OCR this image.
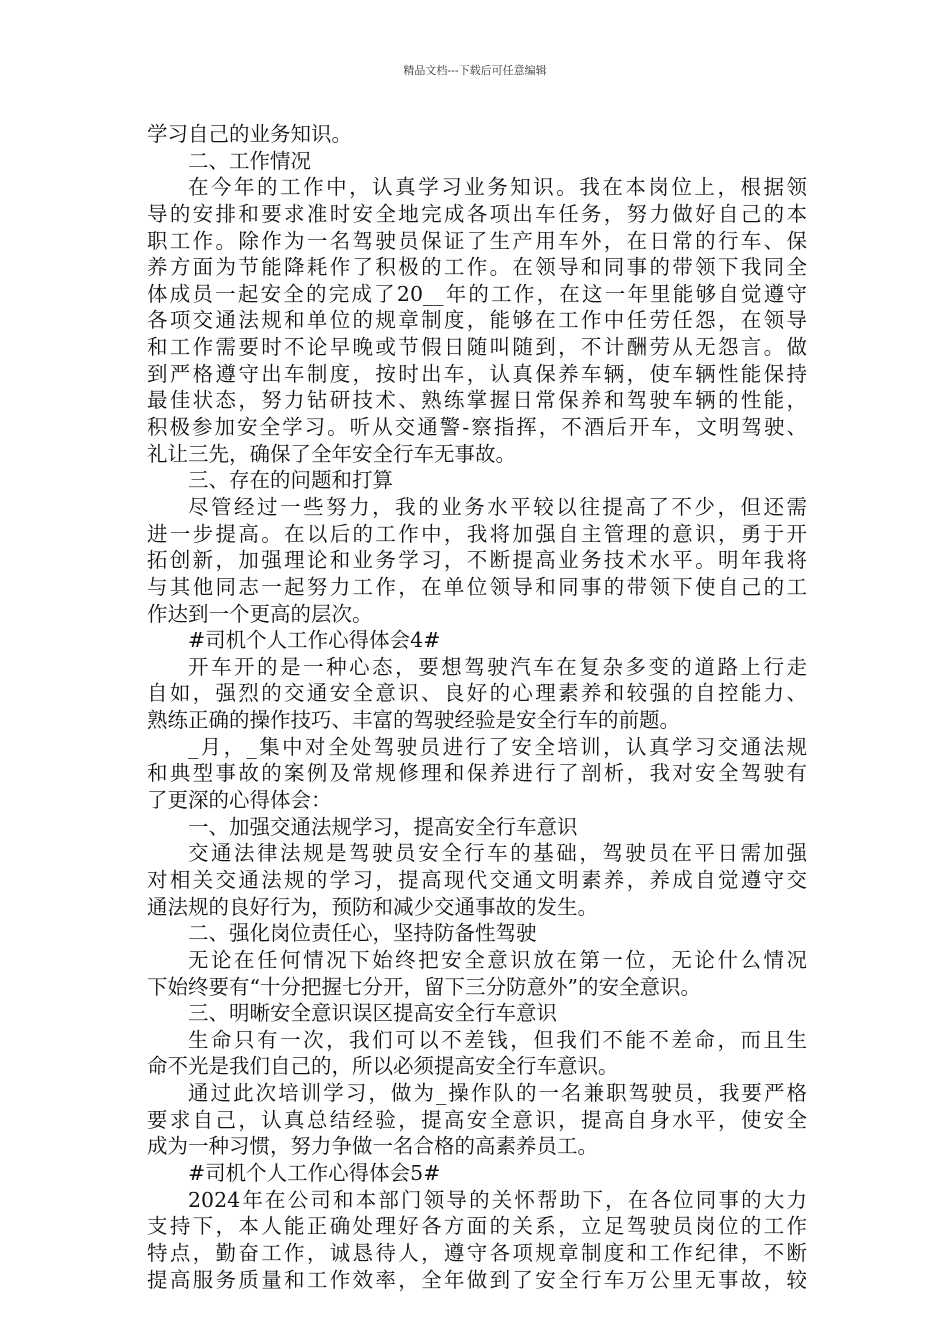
精品文档---下载后可任意编辑
学习自己的业务知识。
二、工作情况
在今年的工作中，认真学习业务知识。我在本岗位上，根据领
导的安排和要求准时安全地完成各项出车任务，努力做好自己的本
职工作。除作为一名驾驶员保证了生产用车外，在日常的行车、保
养方面为节能降耗作了积极的工作。在领导和同事的带领下我同全
体成员一起安全的完成了20__年的工作，在这一年里能够自觉遵守
各项交通法规和单位的规章制度，能够在工作中任劳任怨，在领导
和工作需要时不论早晚或节假日随叫随到，不计酬劳从无怨言。做
到严格遵守出车制度，按时出车，认真保养车辆，使车辆性能保持
最佳状态，努力钻研技术、熟练掌握日常保养和驾驶车辆的性能，
积极参加安全学习。听从交通警-察指挥，不酒后开车，文明驾驶、
礼让三先，确保了全年安全行车无事故。
三、存在的问题和打算
尽管经过一些努力，我的业务水平较以往提高了不少，但还需
进一步提高。在以后的工作中，我将加强自主管理的意识，勇于开
拓创新，加强理论和业务学习，不断提高业务技术水平。明年我将
与其他同志一起努力工作，在单位领导和同事的带领下使自己的工
作达到一个更高的层次。
#司机个人工作心得体会4#
开车开的是一种心态，要想驾驶汽车在复杂多变的道路上行走
自如，强烈的交通安全意识、良好的心理素养和较强的自控能力、
熟练正确的操作技巧、丰富的驾驶经验是安全行车的前题。
_月，_集中对全处驾驶员进行了安全培训，认真学习交通法规
和典型事故的案例及常规修理和保养进行了剖析，我对安全驾驶有
了更深的心得体会：
一、加强交通法规学习，提高安全行车意识
交通法律法规是驾驶员安全行车的基础，驾驶员在平日需加强
对相关交通法规的学习，提高现代交通文明素养，养成自觉遵守交
通法规的良好行为，预防和减少交通事故的发生。
二、强化岗位责任心，坚持防备性驾驶
无论在任何情况下始终把安全意识放在第一位，无论什么情况
下始终要有“十分把握七分开，留下三分防意外”的安全意识。
三、明晰安全意识误区提高安全行车意识
生命只有一次，我们可以不差钱，但我们不能不差命，而且生
命不光是我们自己的，所以必须提高安全行车意识。
通过此次培训学习，做为_操作队的一名兼职驾驶员，我要严格
要求自己，认真总结经验，提高安全意识，提高自身水平，使安全
成为一种习惯，努力争做一名合格的高素养员工。
#司机个人工作心得体会5#
2024年在公司和本部门领导的关怀帮助下，在各位同事的大力
支持下，本人能正确处理好各方面的关系，立足驾驶员岗位的工作
特点，勤奋工作，诚恳待人，遵守各项规章制度和工作纪律，不断
提高服务质量和工作效率，全年做到了安全行车万公里无事故，较
